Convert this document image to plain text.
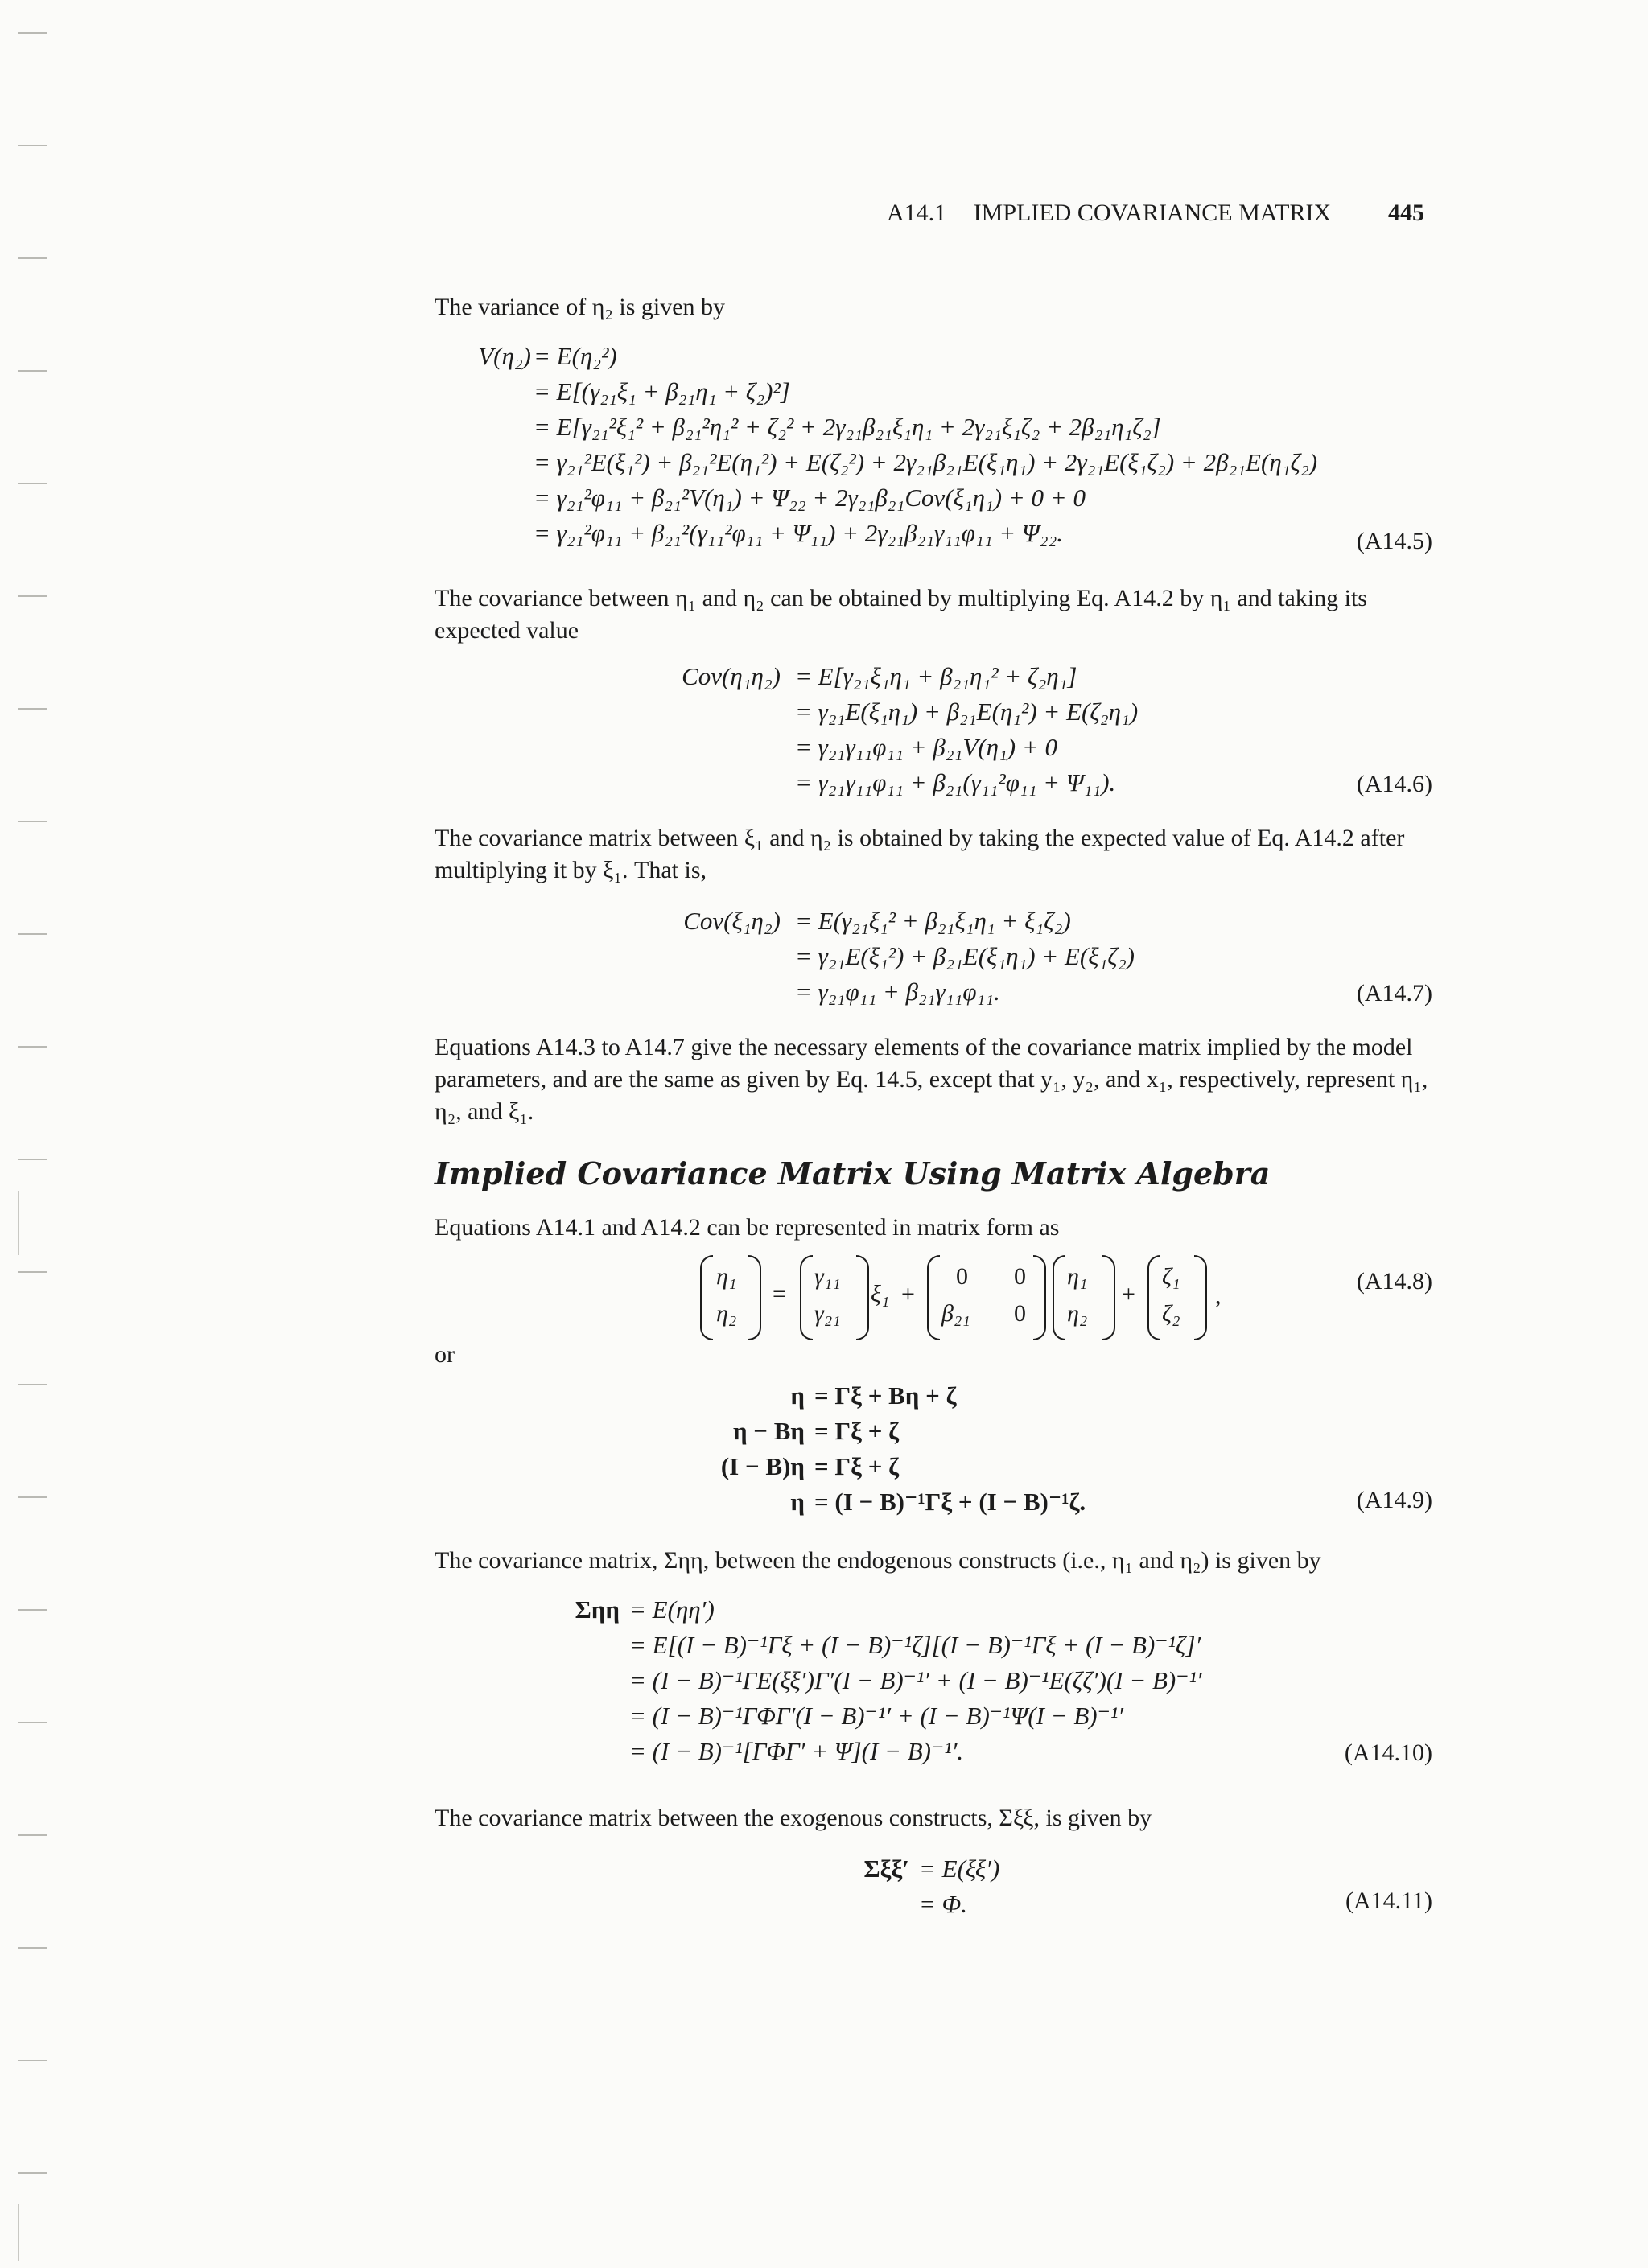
A14.1 IMPLIED COVARIANCE MATRIX 445
The variance of η₂ is given by
V(η₂) = E(η₂²)
= E[(γ₂₁ξ₁ + β₂₁η₁ + ζ₂)²]
= E[γ₂₁²ξ₁² + β₂₁²η₁² + ζ₂² + 2γ₂₁β₂₁ξ₁η₁ + 2γ₂₁ξ₁ζ₂ + 2β₂₁η₁ζ₂]
= γ₂₁²E(ξ₁²) + β₂₁²E(η₁²) + E(ζ₂²) + 2γ₂₁β₂₁E(ξ₁η₁) + 2γ₂₁E(ξ₁ζ₂) + 2β₂₁E(η₁ζ₂)
= γ₂₁²φ₁₁ + β₂₁²V(η₁) + Ψ₂₂ + 2γ₂₁β₂₁Cov(ξ₁η₁) + 0 + 0
= γ₂₁²φ₁₁ + β₂₁²(γ₁₁²φ₁₁ + Ψ₁₁) + 2γ₂₁β₂₁γ₁₁φ₁₁ + Ψ₂₂.	(A14.5)
The covariance between η₁ and η₂ can be obtained by multiplying Eq. A14.2 by η₁ and taking its expected value
Cov(η₁η₂) = E[γ₂₁ξ₁η₁ + β₂₁η₁² + ζ₂η₁]
= γ₂₁E(ξ₁η₁) + β₂₁E(η₁²) + E(ζ₂η₁)
= γ₂₁γ₁₁φ₁₁ + β₂₁V(η₁) + 0
= γ₂₁γ₁₁φ₁₁ + β₂₁(γ₁₁²φ₁₁ + Ψ₁₁).	(A14.6)
The covariance matrix between ξ₁ and η₂ is obtained by taking the expected value of Eq. A14.2 after multiplying it by ξ₁. That is,
Cov(ξ₁η₂) = E(γ₂₁ξ₁² + β₂₁ξ₁η₁ + ξ₁ζ₂)
= γ₂₁E(ξ₁²) + β₂₁E(ξ₁η₁) + E(ξ₁ζ₂)
= γ₂₁φ₁₁ + β₂₁γ₁₁φ₁₁.	(A14.7)
Equations A14.3 to A14.7 give the necessary elements of the covariance matrix implied by the model parameters, and are the same as given by Eq. 14.5, except that y₁, y₂, and x₁, respectively, represent η₁, η₂, and ξ₁.
Implied Covariance Matrix Using Matrix Algebra
Equations A14.1 and A14.2 can be represented in matrix form as
η₁
η₂
=
γ₁₁
γ₂₁
ξ₁ +
0 0
β₂₁ 0
η₁
η₂
+
ζ₁
ζ₂
,
(A14.8)
or
η = Γξ + Bη + ζ
η − Bη = Γξ + ζ
(I − B)η = Γξ + ζ
η = (I − B)⁻¹Γξ + (I − B)⁻¹ζ.	(A14.9)
The covariance matrix, Σηη, between the endogenous constructs (i.e., η₁ and η₂) is given by
Σηη = E(ηη′)
= E[(I − B)⁻¹Γξ + (I − B)⁻¹ζ][(I − B)⁻¹Γξ + (I − B)⁻¹ζ]′
= (I − B)⁻¹ΓE(ξξ′)Γ′(I − B)⁻¹′ + (I − B)⁻¹E(ζζ′)(I − B)⁻¹′
= (I − B)⁻¹ΓΦΓ′(I − B)⁻¹′ + (I − B)⁻¹Ψ(I − B)⁻¹′
= (I − B)⁻¹[ΓΦΓ′ + Ψ](I − B)⁻¹′.	(A14.10)
The covariance matrix between the exogenous constructs, Σξξ, is given by
Σξξ′ = E(ξξ′)
= Φ.	(A14.11)
